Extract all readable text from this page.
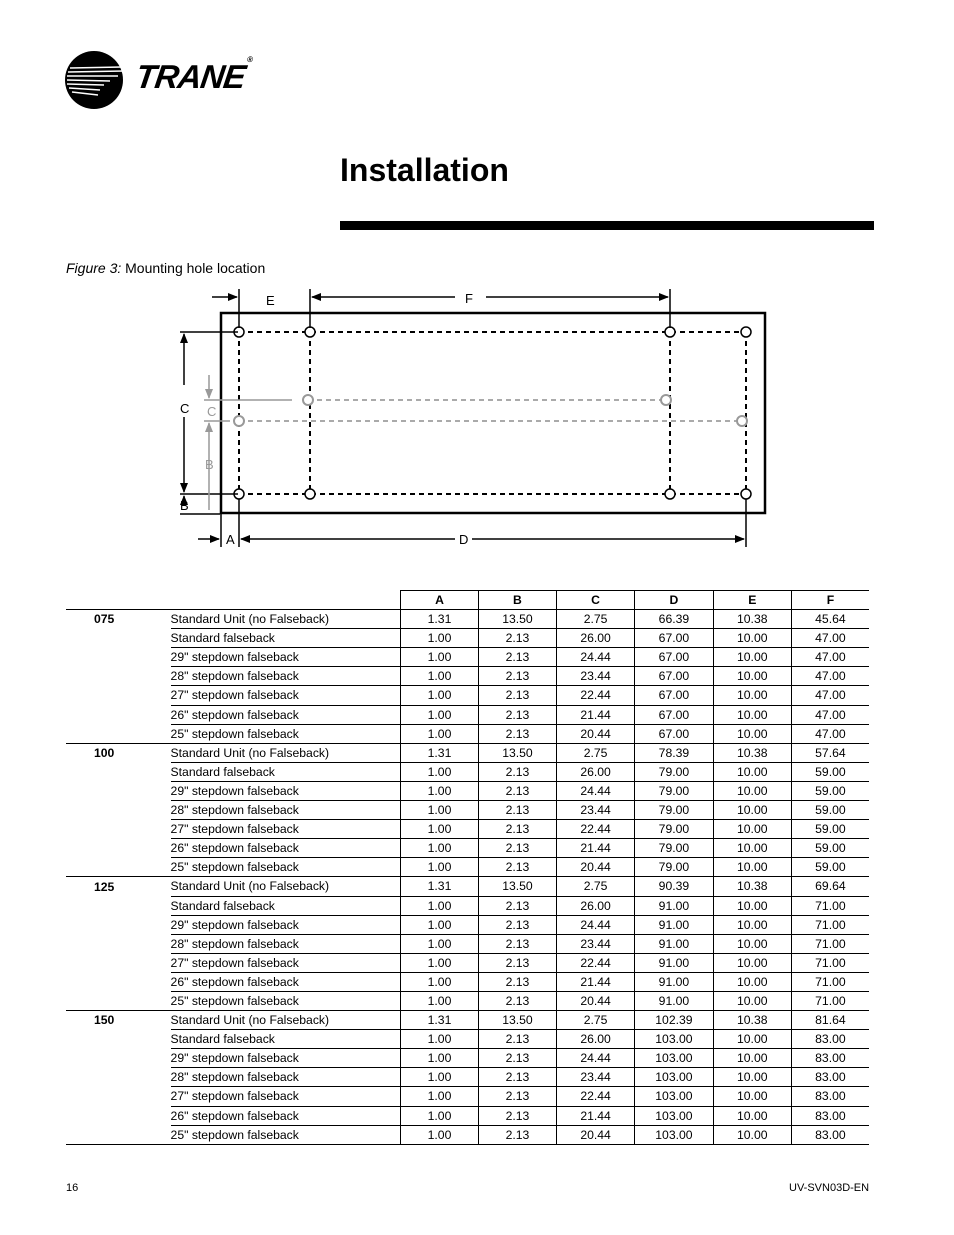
TRANE®
Installation
Figure 3: Mounting hole location
E	F
C
B
C
B
A	D
		A	B	C	D	E	F
075	Standard Unit (no Falseback)	1.31	13.50	2.75	66.39	10.38	45.64
	Standard falseback	1.00	2.13	26.00	67.00	10.00	47.00
	29" stepdown falseback	1.00	2.13	24.44	67.00	10.00	47.00
	28" stepdown falseback	1.00	2.13	23.44	67.00	10.00	47.00
	27" stepdown falseback	1.00	2.13	22.44	67.00	10.00	47.00
	26" stepdown falseback	1.00	2.13	21.44	67.00	10.00	47.00
	25" stepdown falseback	1.00	2.13	20.44	67.00	10.00	47.00
100	Standard Unit (no Falseback)	1.31	13.50	2.75	78.39	10.38	57.64
	Standard falseback	1.00	2.13	26.00	79.00	10.00	59.00
	29" stepdown falseback	1.00	2.13	24.44	79.00	10.00	59.00
	28" stepdown falseback	1.00	2.13	23.44	79.00	10.00	59.00
	27" stepdown falseback	1.00	2.13	22.44	79.00	10.00	59.00
	26" stepdown falseback	1.00	2.13	21.44	79.00	10.00	59.00
	25" stepdown falseback	1.00	2.13	20.44	79.00	10.00	59.00
125	Standard Unit (no Falseback)	1.31	13.50	2.75	90.39	10.38	69.64
	Standard falseback	1.00	2.13	26.00	91.00	10.00	71.00
	29" stepdown falseback	1.00	2.13	24.44	91.00	10.00	71.00
	28" stepdown falseback	1.00	2.13	23.44	91.00	10.00	71.00
	27" stepdown falseback	1.00	2.13	22.44	91.00	10.00	71.00
	26" stepdown falseback	1.00	2.13	21.44	91.00	10.00	71.00
	25" stepdown falseback	1.00	2.13	20.44	91.00	10.00	71.00
150	Standard Unit (no Falseback)	1.31	13.50	2.75	102.39	10.38	81.64
	Standard falseback	1.00	2.13	26.00	103.00	10.00	83.00
	29" stepdown falseback	1.00	2.13	24.44	103.00	10.00	83.00
	28" stepdown falseback	1.00	2.13	23.44	103.00	10.00	83.00
	27" stepdown falseback	1.00	2.13	22.44	103.00	10.00	83.00
	26" stepdown falseback	1.00	2.13	21.44	103.00	10.00	83.00
	25" stepdown falseback	1.00	2.13	20.44	103.00	10.00	83.00
16	UV-SVN03D-EN
